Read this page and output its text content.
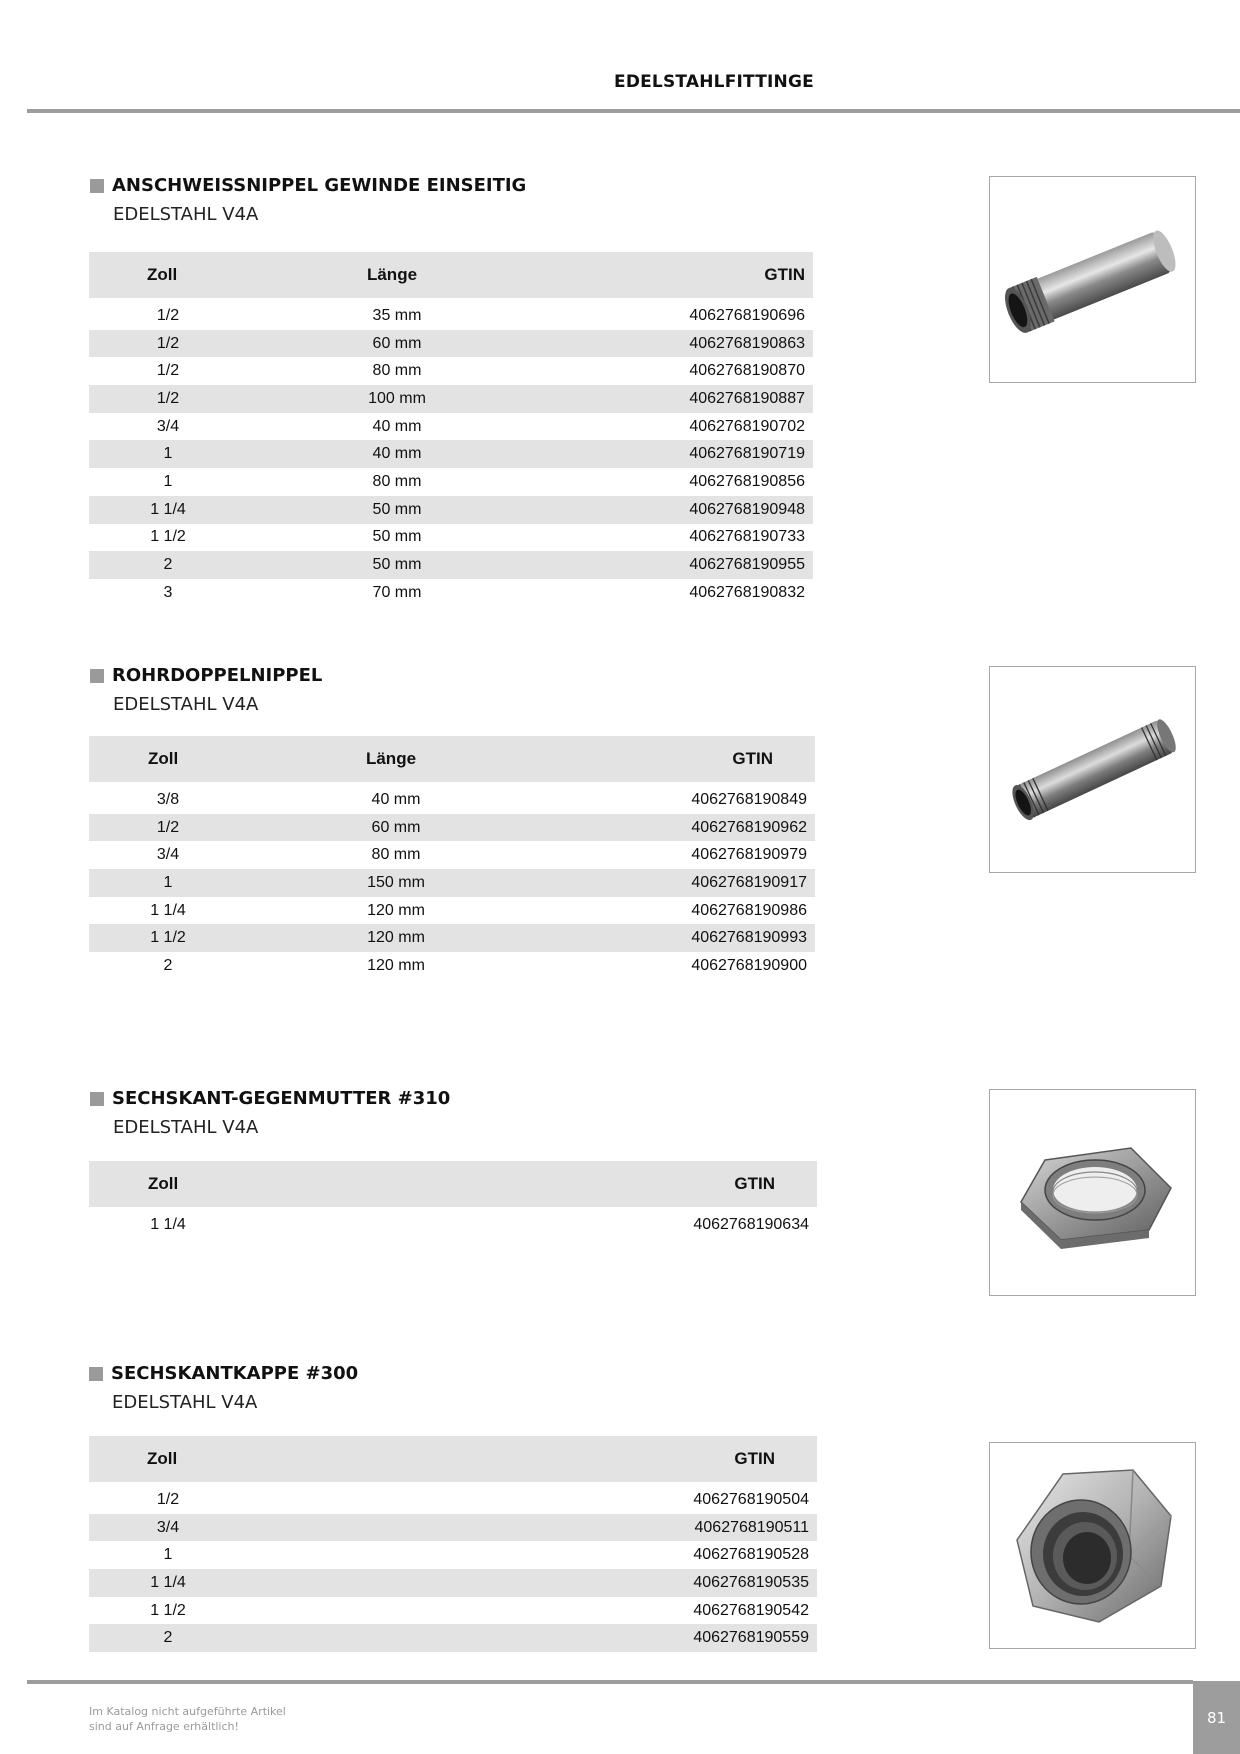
EDELSTAHLFITTINGE
ANSCHWEISSNIPPEL GEWINDE EINSEITIG
EDELSTAHL V4A
Zoll	Länge	GTIN

1/2	35 mm	4062768190696
1/2	60 mm	4062768190863
1/2	80 mm	4062768190870
1/2	100 mm	4062768190887
3/4	40 mm	4062768190702
1	40 mm	4062768190719
1	80 mm	4062768190856
1 1/4	50 mm	4062768190948
1 1/2	50 mm	4062768190733
2	50 mm	4062768190955
3	70 mm	4062768190832
ROHRDOPPELNIPPEL
EDELSTAHL V4A
Zoll	Länge	GTIN

3/8	40 mm	4062768190849
1/2	60 mm	4062768190962
3/4	80 mm	4062768190979
1	150 mm	4062768190917
1 1/4	120 mm	4062768190986
1 1/2	120 mm	4062768190993
2	120 mm	4062768190900
SECHSKANT-GEGENMUTTER #310
EDELSTAHL V4A
Zoll	GTIN

1 1/4	4062768190634
SECHSKANTKAPPE #300
EDELSTAHL V4A
Zoll	GTIN

1/2	4062768190504
3/4	4062768190511
1	4062768190528
1 1/4	4062768190535
1 1/2	4062768190542
2	4062768190559
Im Katalog nicht aufgeführte Artikel
sind auf Anfrage erhältlich!	81
